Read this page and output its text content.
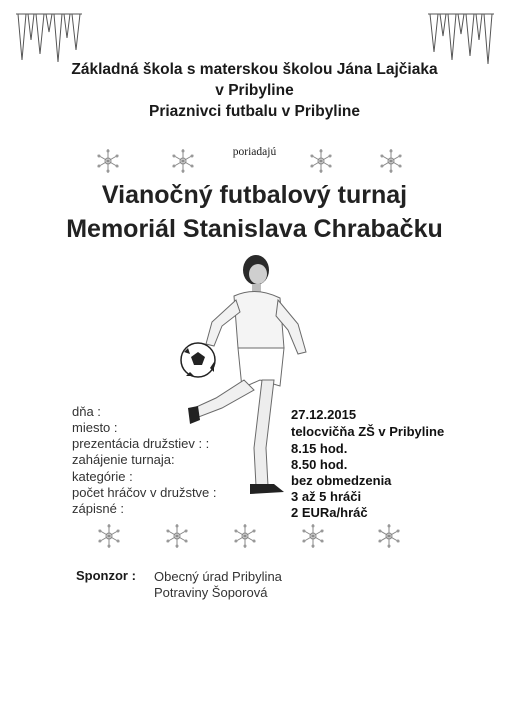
Základná škola s materskou školou Jána Lajčiaka
v Pribyline
Priaznivci futbalu v Pribyline
poriadajú
Vianočný futbalový turnaj
Memoriál Stanislava Chrabačku
dňa :
miesto :
prezentácia družstiev : :
zahájenie turnaja:
kategórie :
počet hráčov v družstve :
zápisné :
27.12.2015
telocvičňa ZŠ v Pribyline
8.15 hod.
8.50 hod.
bez obmedzenia
3 až 5 hráči
2 EURa/hráč
Sponzor : Obecný úrad Pribylina
Potraviny Šoporová
